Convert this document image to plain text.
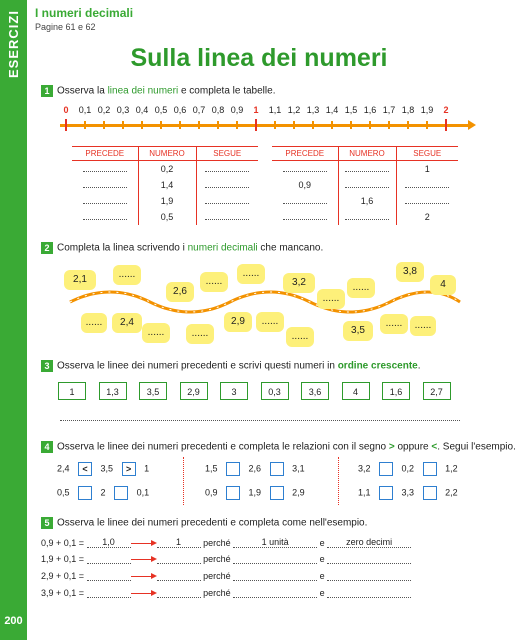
ESERCIZI
200
I numeri decimali
Pagine 61 e 62
Sulla linea dei numeri
1 Osserva la linea dei numeri e completa le tabelle.
0	0,1 0,2 0,3 0,4 0,5 0,6 0,7 0,8 0,9	1	1,1 1,2 1,3 1,4 1,5 1,6 1,7 1,8 1,9	2
PRECEDE	NUMERO	SEGUE
	0,2	
	1,4	
	1,9	
	0,5	
PRECEDE	NUMERO	SEGUE
		1
0,9		
	1,6	
		2
2 Completa la linea scrivendo i numeri decimali che mancano.
2,1	......
2,6
......
......
3,2
......
......
3,8
4
......	2,4
......	......
2,9	......
......
3,5
......	......
3 Osserva le linee dei numeri precedenti e scrivi questi numeri in ordine crescente.
1	1,3	3,5	2,9	3	0,3	3,6	4	1,6	2,7
4 Osserva le linee dei numeri precedenti e completa le relazioni con il segno > oppure <. Segui l'esempio.
2,4 < 3,5 > 1	1,5	2,6	3,1	3,2	0,2	1,2
0,5	2	0,1	0,9	1,9	2,9	1,1	3,3	2,2
5 Osserva le linee dei numeri precedenti e completa come nell'esempio.
0,9 + 0,1 = 1,0	1 perché	1 unità	e zero decimi
1,9 + 0,1 =	perché	e
2,9 + 0,1 =	perché	e
3,9 + 0,1 =	perché	e
